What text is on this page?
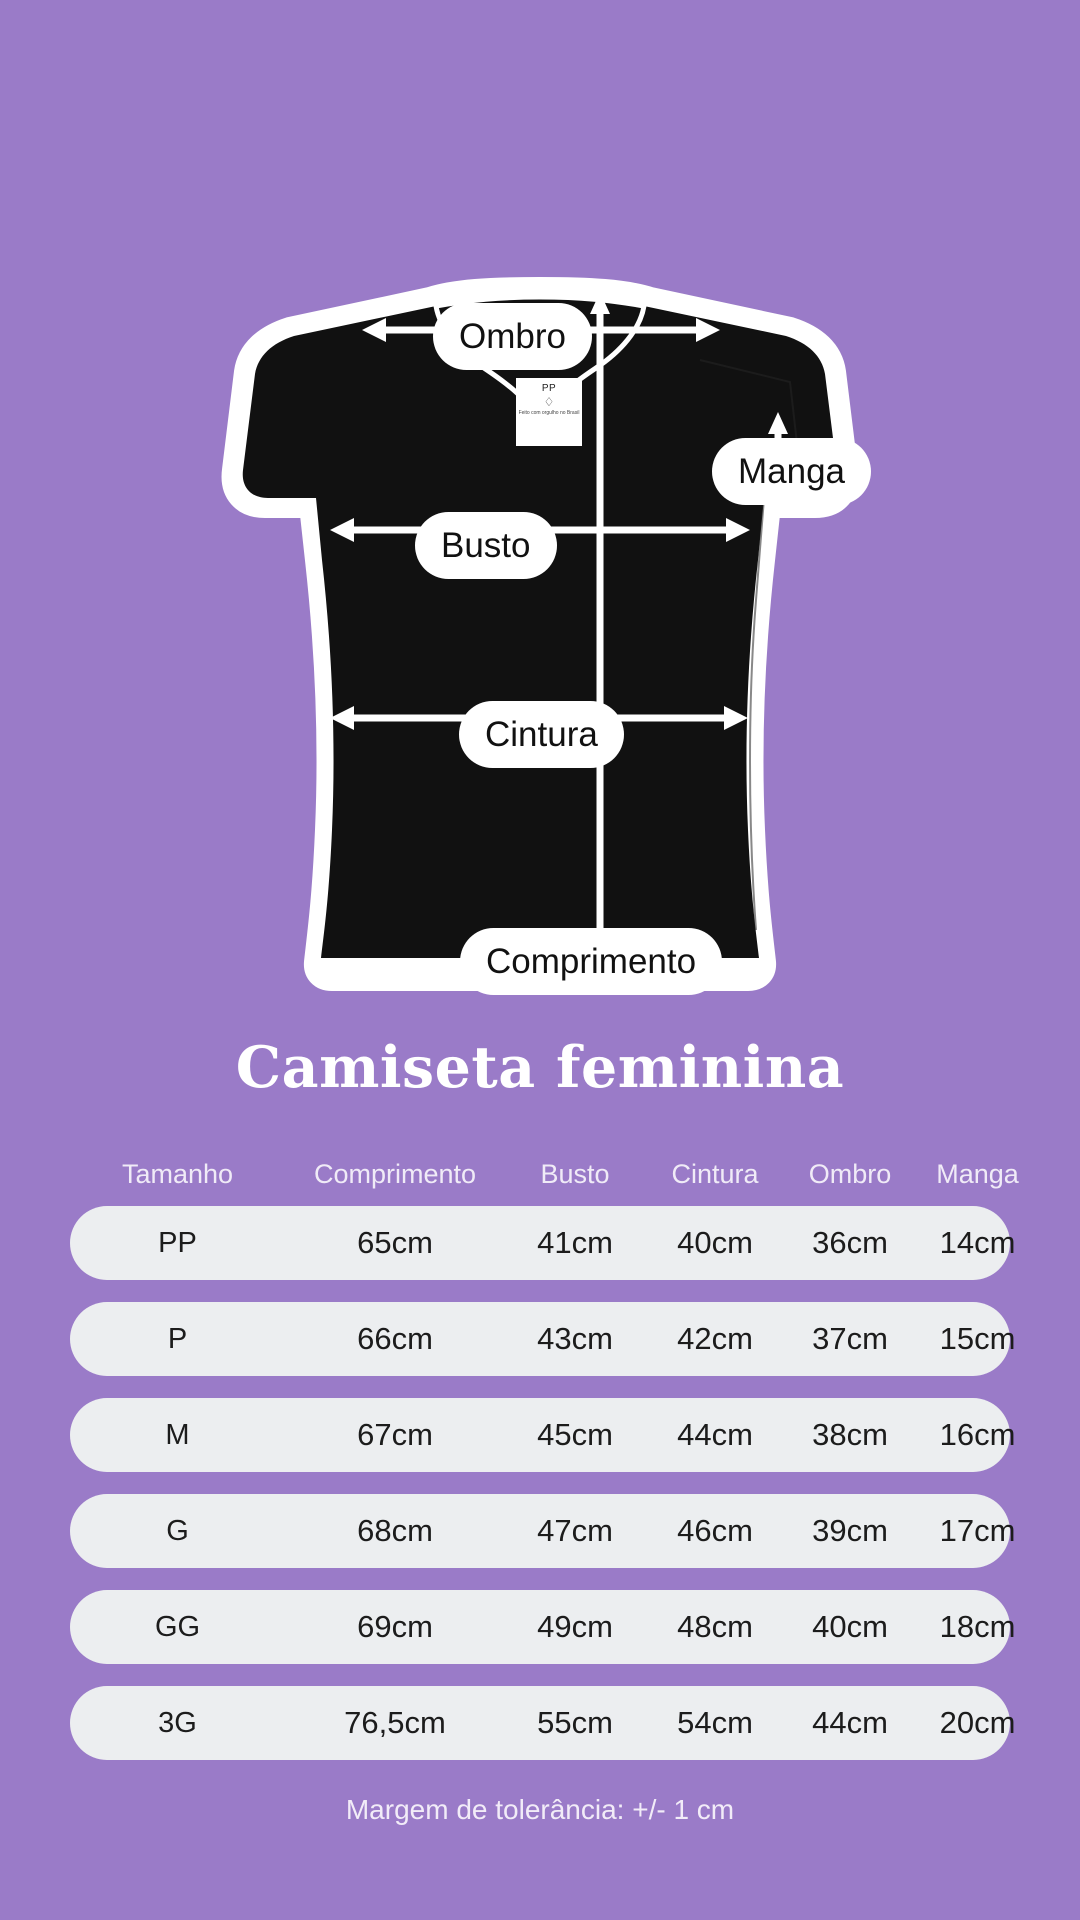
PP
♢
Feito com orgulho no Brasil
Ombro
Manga
Busto
Cintura
Comprimento
Camiseta feminina
Tamanho	Comprimento	Busto	Cintura	Ombro	Manga
PP	65cm	41cm	40cm	36cm	14cm
P	66cm	43cm	42cm	37cm	15cm
M	67cm	45cm	44cm	38cm	16cm
G	68cm	47cm	46cm	39cm	17cm
GG	69cm	49cm	48cm	40cm	18cm
3G	76,5cm	55cm	54cm	44cm	20cm
Margem de tolerância: +/- 1 cm
